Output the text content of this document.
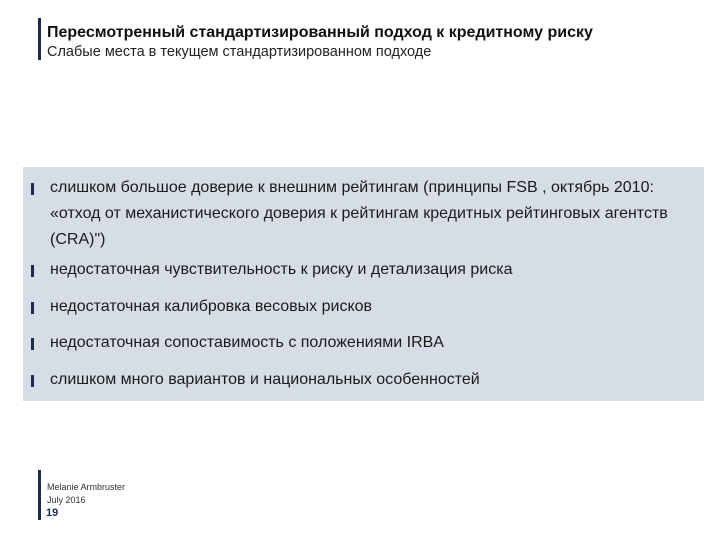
Пересмотренный стандартизированный подход к кредитному риску
Слабые места в текущем стандартизированном подходе
слишком большое доверие к внешним рейтингам (принципы FSB , октябрь 2010: «отход от механистического доверия к рейтингам кредитных рейтинговых агентств (CRA)")
недостаточная чувствительность к риску и детализация риска
недостаточная калибровка весовых рисков
недостаточная сопоставимость с положениями IRBA
слишком много вариантов и национальных особенностей
Melanie Armbruster
July 2016
19
